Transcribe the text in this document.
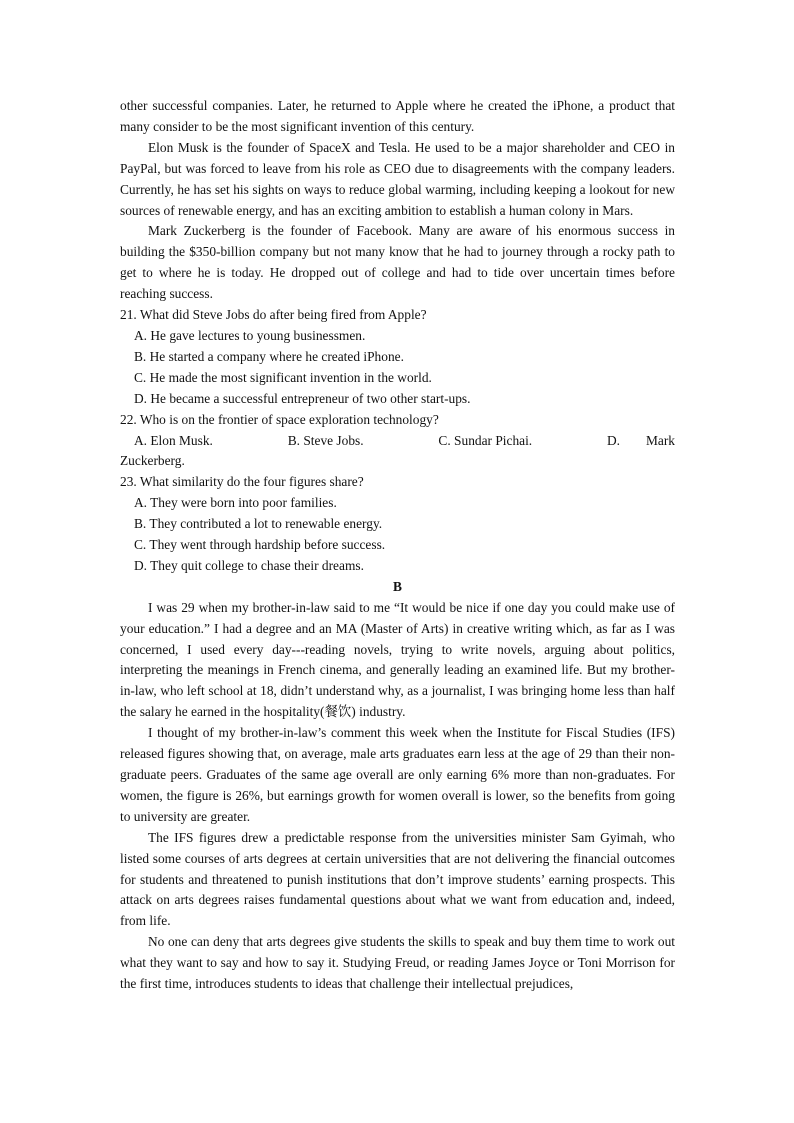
other successful companies. Later, he returned to Apple where he created the iPhone, a product that many consider to be the most significant invention of this century.

Elon Musk is the founder of SpaceX and Tesla. He used to be a major shareholder and CEO in PayPal, but was forced to leave from his role as CEO due to disagreements with the company leaders. Currently, he has set his sights on ways to reduce global warming, including keeping a lookout for new sources of renewable energy, and has an exciting ambition to establish a human colony in Mars.

Mark Zuckerberg is the founder of Facebook. Many are aware of his enormous success in building the $350-billion company but not many know that he had to journey through a rocky path to get to where he is today. He dropped out of college and had to tide over uncertain times before reaching success.

21. What did Steve Jobs do after being fired from Apple?

A. He gave lectures to young businessmen.

B. He started a company where he created iPhone.

C. He made the most significant invention in the world.

D. He became a successful entrepreneur of two other start-ups.

22. Who is on the frontier of space exploration technology?

A. Elon Musk.	B. Steve Jobs.	C. Sundar Pichai.	D. Mark

Zuckerberg.

23. What similarity do the four figures share?

A. They were born into poor families.

B. They contributed a lot to renewable energy.

C. They went through hardship before success.

D. They quit college to chase their dreams.

B

I was 29 when my brother-in-law said to me “It would be nice if one day you could make use of your education.” I had a degree and an MA (Master of Arts) in creative writing which, as far as I was concerned, I used every day---reading novels, trying to write novels, arguing about politics, interpreting the meanings in French cinema, and generally leading an examined life. But my brother-in-law, who left school at 18, didn’t understand why, as a journalist, I was bringing home less than half the salary he earned in the hospitality(餐饮) industry.

I thought of my brother-in-law’s comment this week when the Institute for Fiscal Studies (IFS) released figures showing that, on average, male arts graduates earn less at the age of 29 than their non-graduate peers. Graduates of the same age overall are only earning 6% more than non-graduates. For women, the figure is 26%, but earnings growth for women overall is lower, so the benefits from going to university are greater.

The IFS figures drew a predictable response from the universities minister Sam Gyimah, who listed some courses of arts degrees at certain universities that are not delivering the financial outcomes for students and threatened to punish institutions that don’t improve students’ earning prospects. This attack on arts degrees raises fundamental questions about what we want from education and, indeed, from life.

No one can deny that arts degrees give students the skills to speak and buy them time to work out what they want to say and how to say it. Studying Freud, or reading James Joyce or Toni Morrison for the first time, introduces students to ideas that challenge their intellectual prejudices,
